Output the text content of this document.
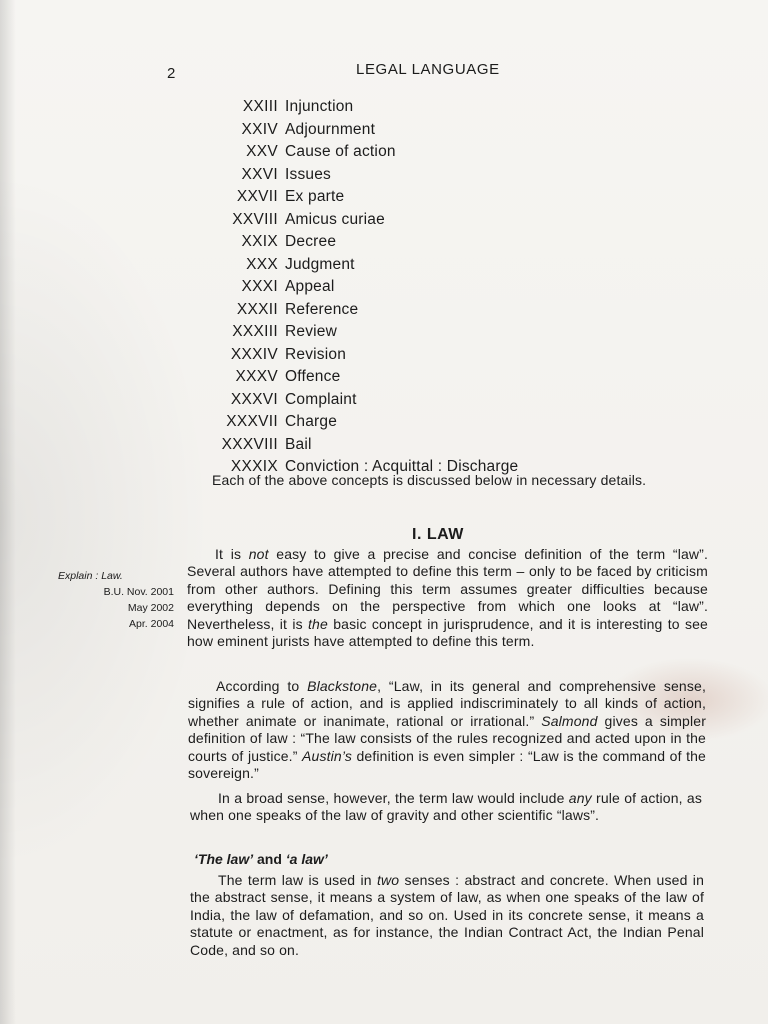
2	LEGAL LANGUAGE
XXIII Injunction
XXIV Adjournment
XXV Cause of action
XXVI Issues
XXVII Ex parte
XXVIII Amicus curiae
XXIX Decree
XXX Judgment
XXXI Appeal
XXXII Reference
XXXIII Review
XXXIV Revision
XXXV Offence
XXXVI Complaint
XXXVII Charge
XXXVIII Bail
XXXIX Conviction : Acquittal : Discharge
Each of the above concepts is discussed below in necessary details.
I. LAW
Explain : Law.
B.U. Nov. 2001
May 2002
Apr. 2004
It is not easy to give a precise and concise definition of the term “law”. Several authors have attempted to define this term – only to be faced by criticism from other authors. Defining this term assumes greater difficulties because everything depends on the perspective from which one looks at “law”. Nevertheless, it is the basic concept in jurisprudence, and it is interesting to see how eminent jurists have attempted to define this term.
According to Blackstone, “Law, in its general and comprehensive sense, signifies a rule of action, and is applied indiscriminately to all kinds of action, whether animate or inanimate, rational or irrational.” Salmond gives a simpler definition of law : “The law consists of the rules recognized and acted upon in the courts of justice.” Austin’s definition is even simpler : “Law is the command of the sovereign.”
In a broad sense, however, the term law would include any rule of action, as when one speaks of the law of gravity and other scientific “laws”.
‘The law’ and ‘a law’
The term law is used in two senses : abstract and concrete. When used in the abstract sense, it means a system of law, as when one speaks of the law of India, the law of defamation, and so on. Used in its concrete sense, it means a statute or enactment, as for instance, the Indian Contract Act, the Indian Penal Code, and so on.
